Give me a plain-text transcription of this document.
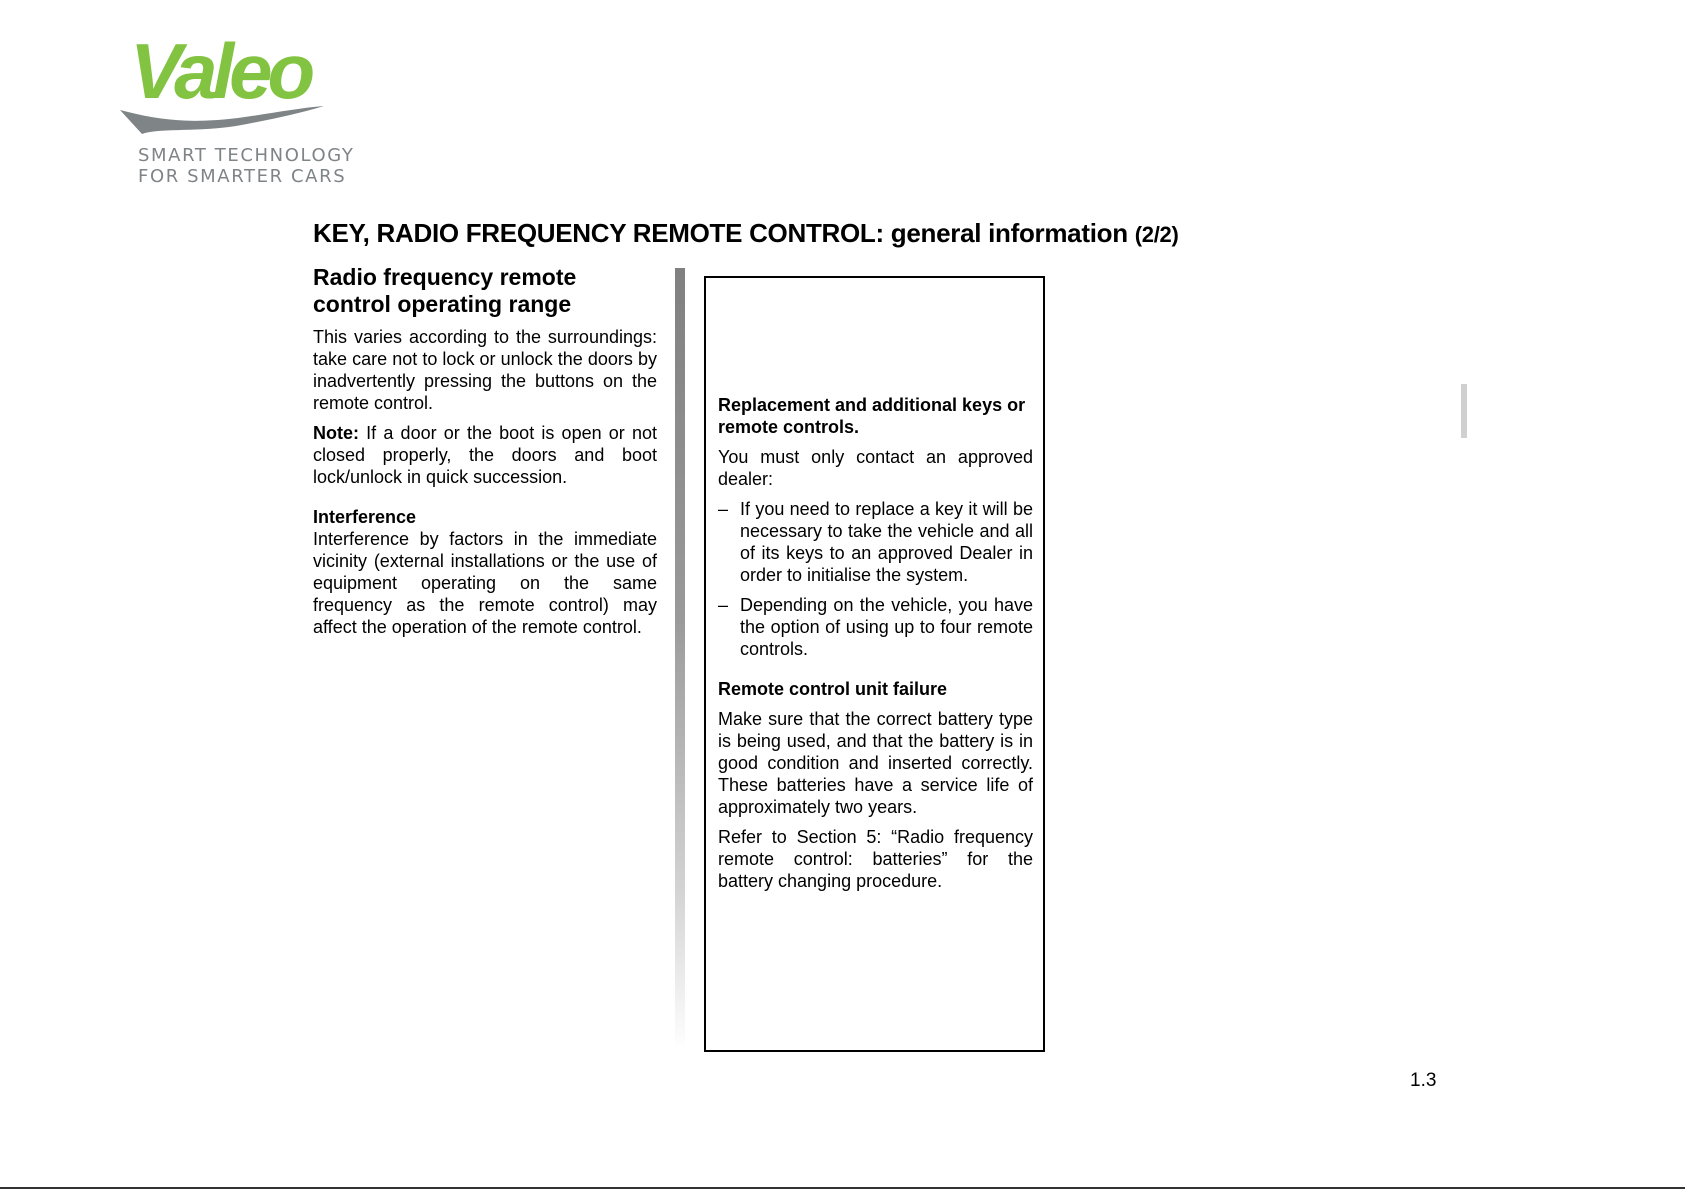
Valeo
SMART TECHNOLOGY
FOR SMARTER CARS
KEY, RADIO FREQUENCY REMOTE CONTROL: general information (2/2)
Radio frequency remote control operating range

This varies according to the surroundings: take care not to lock or unlock the doors by inadvertently pressing the buttons on the remote control.

Note: If a door or the boot is open or not closed properly, the doors and boot lock/unlock in quick succession.

Interference

Interference by factors in the immediate vicinity (external installations or the use of equipment operating on the same frequency as the remote control) may affect the operation of the remote control.

Replacement and additional keys or remote controls.

You must only contact an approved dealer:

– If you need to replace a key it will be necessary to take the vehicle and all of its keys to an approved Dealer in order to initialise the system.
– Depending on the vehicle, you have the option of using up to four remote controls.
Remote control unit failure

Make sure that the correct battery type is being used, and that the battery is in good condition and inserted correctly. These batteries have a service life of approximately two years.

Refer to Section 5: “Radio frequency remote control: batteries” for the battery changing procedure.

1.3
